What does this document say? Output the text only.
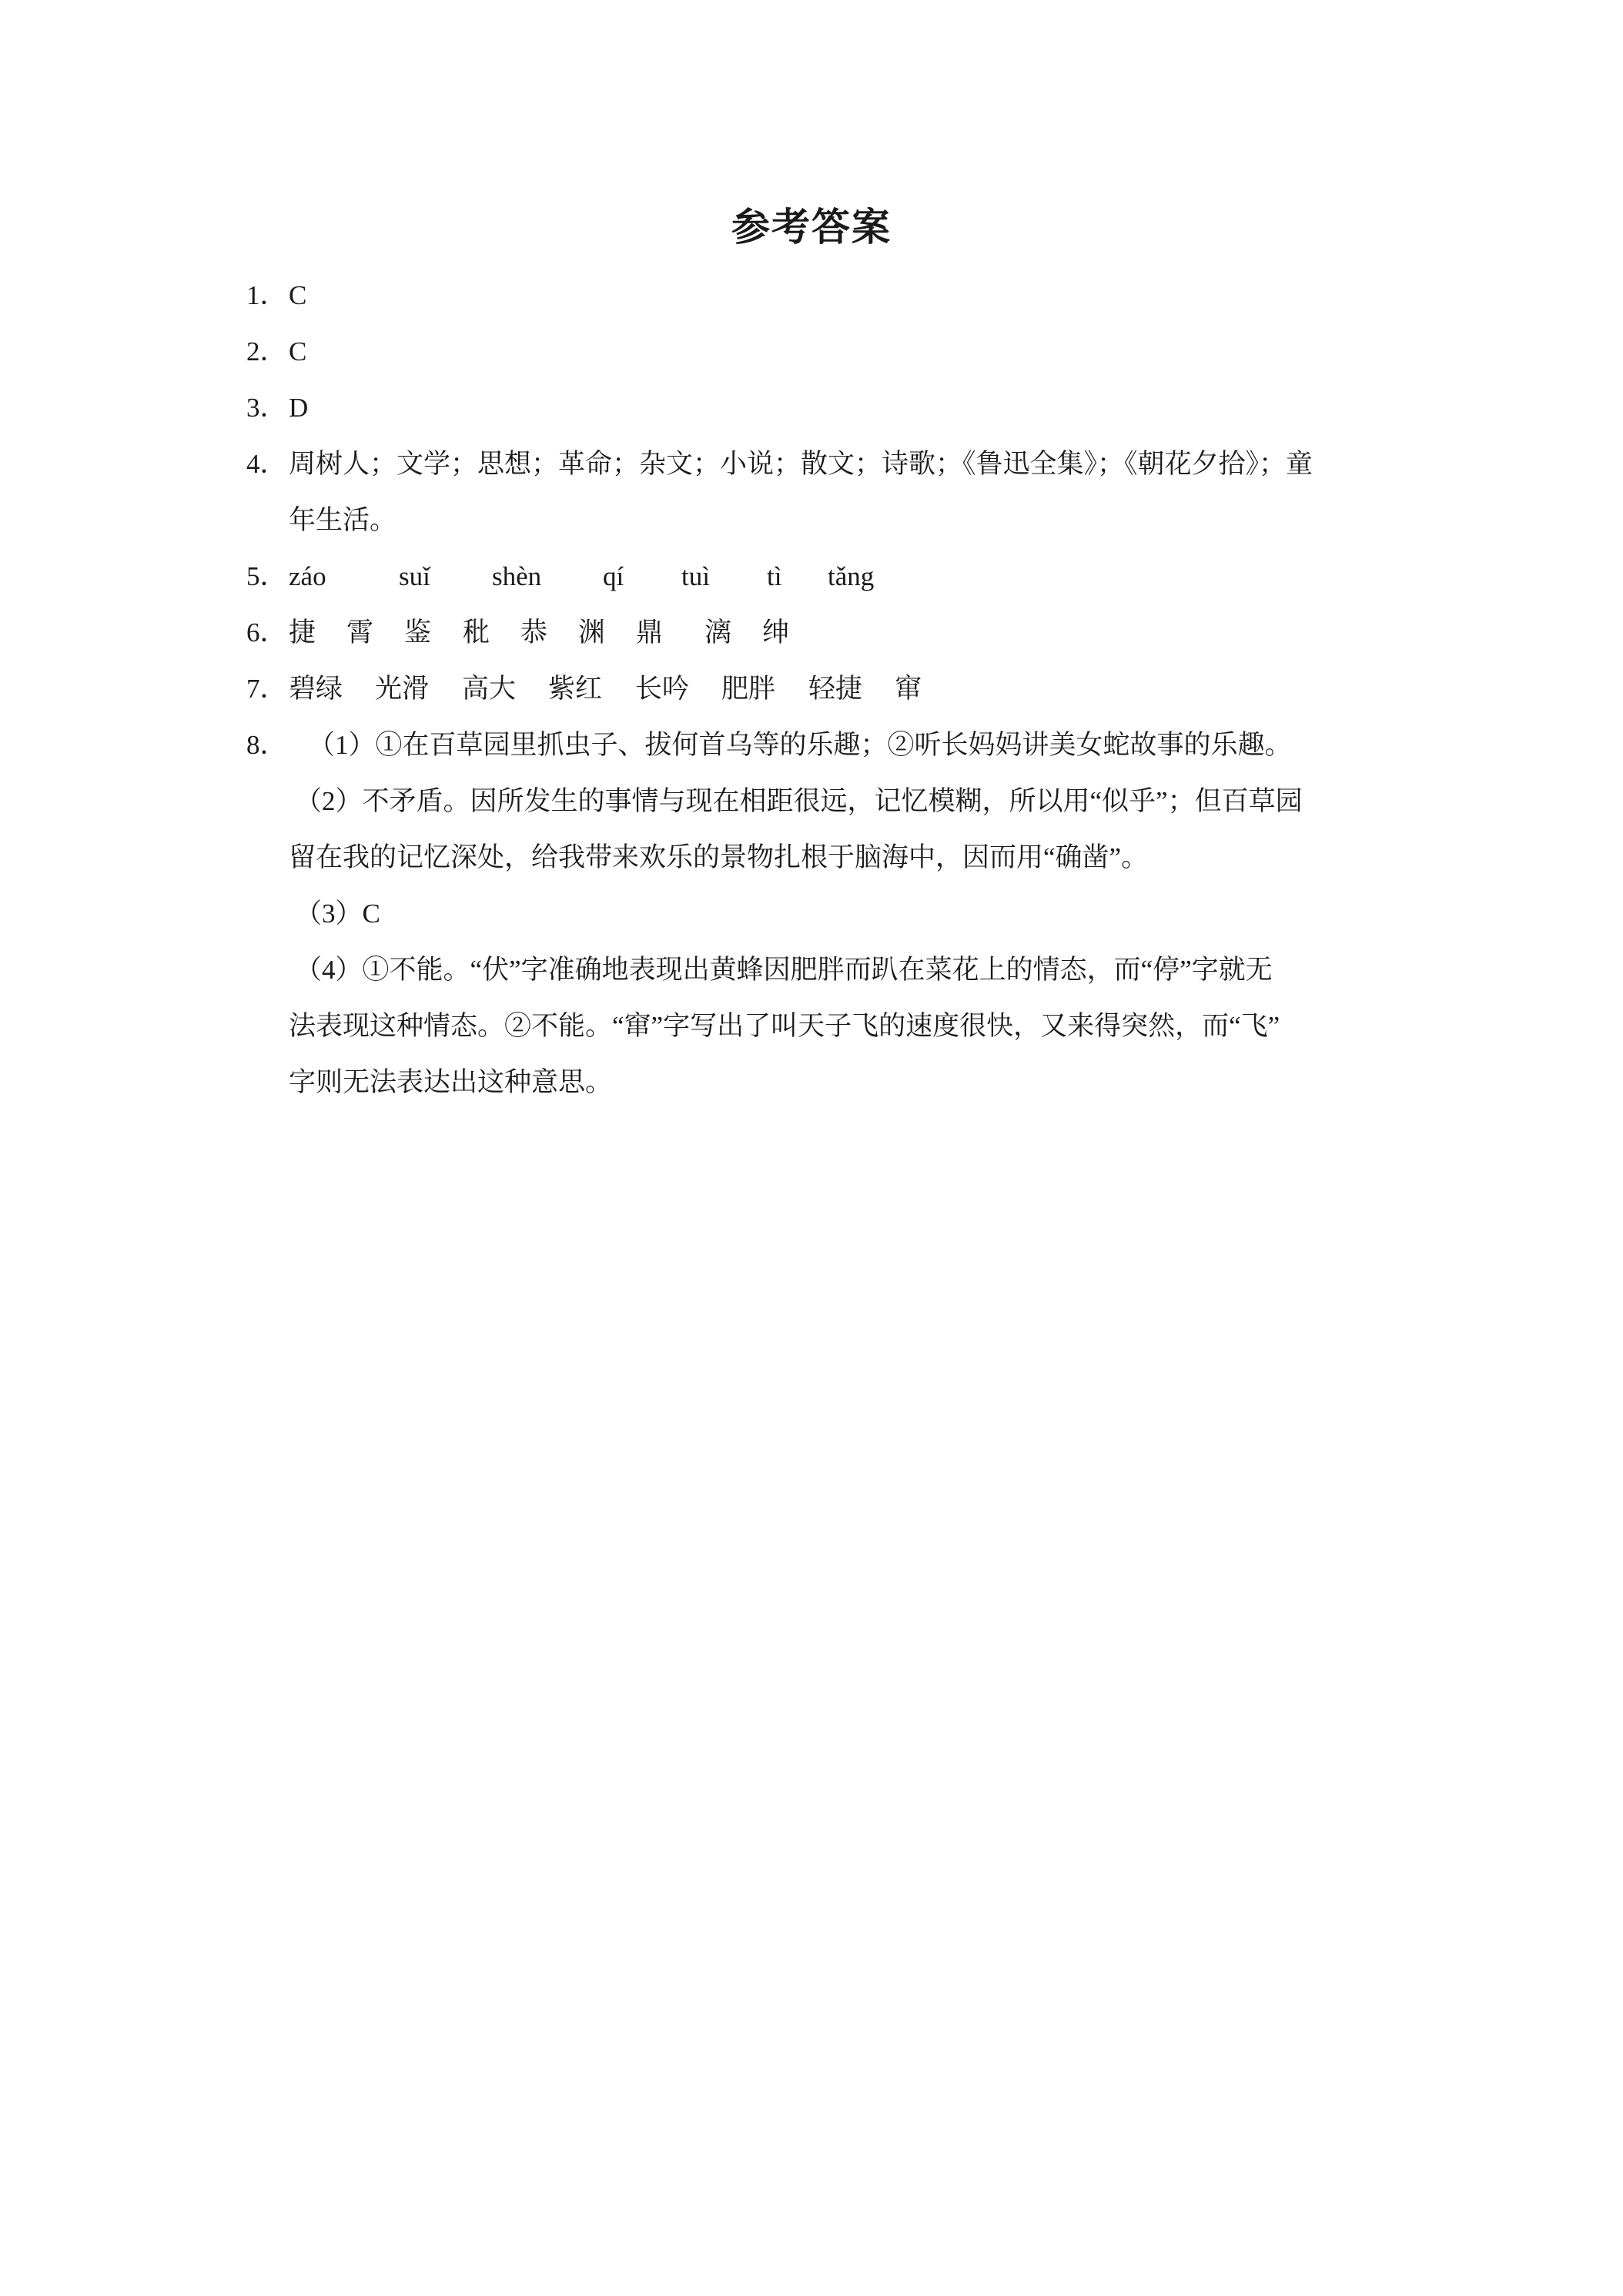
参考答案
1． C
2． C
3． D
4． 周树人；文学；思想；革命；杂文；小说；散文；诗歌；《鲁迅全集》；《朝花夕拾》；童
年生活。
5． záo	suǐ shèn qí tuì tì tǎng
6． 捷 霄 鉴 秕 恭 渊 鼎 漓 绅
7． 碧绿 光滑 高大 紫红 长吟 肥胖 轻捷 窜
8． （1）①在百草园里抓虫子、拔何首乌等的乐趣；②听长妈妈讲美女蛇故事的乐趣。
（2）不矛盾。因所发生的事情与现在相距很远，记忆模糊，所以用“似乎”；但百草园
留在我的记忆深处，给我带来欢乐的景物扎根于脑海中，因而用“确凿”。
（3）C
（4）①不能。“伏”字准确地表现出黄蜂因肥胖而趴在菜花上的情态，而“停”字就无
法表现这种情态。②不能。“窜”字写出了叫天子飞的速度很快，又来得突然，而“飞”
字则无法表达出这种意思。
